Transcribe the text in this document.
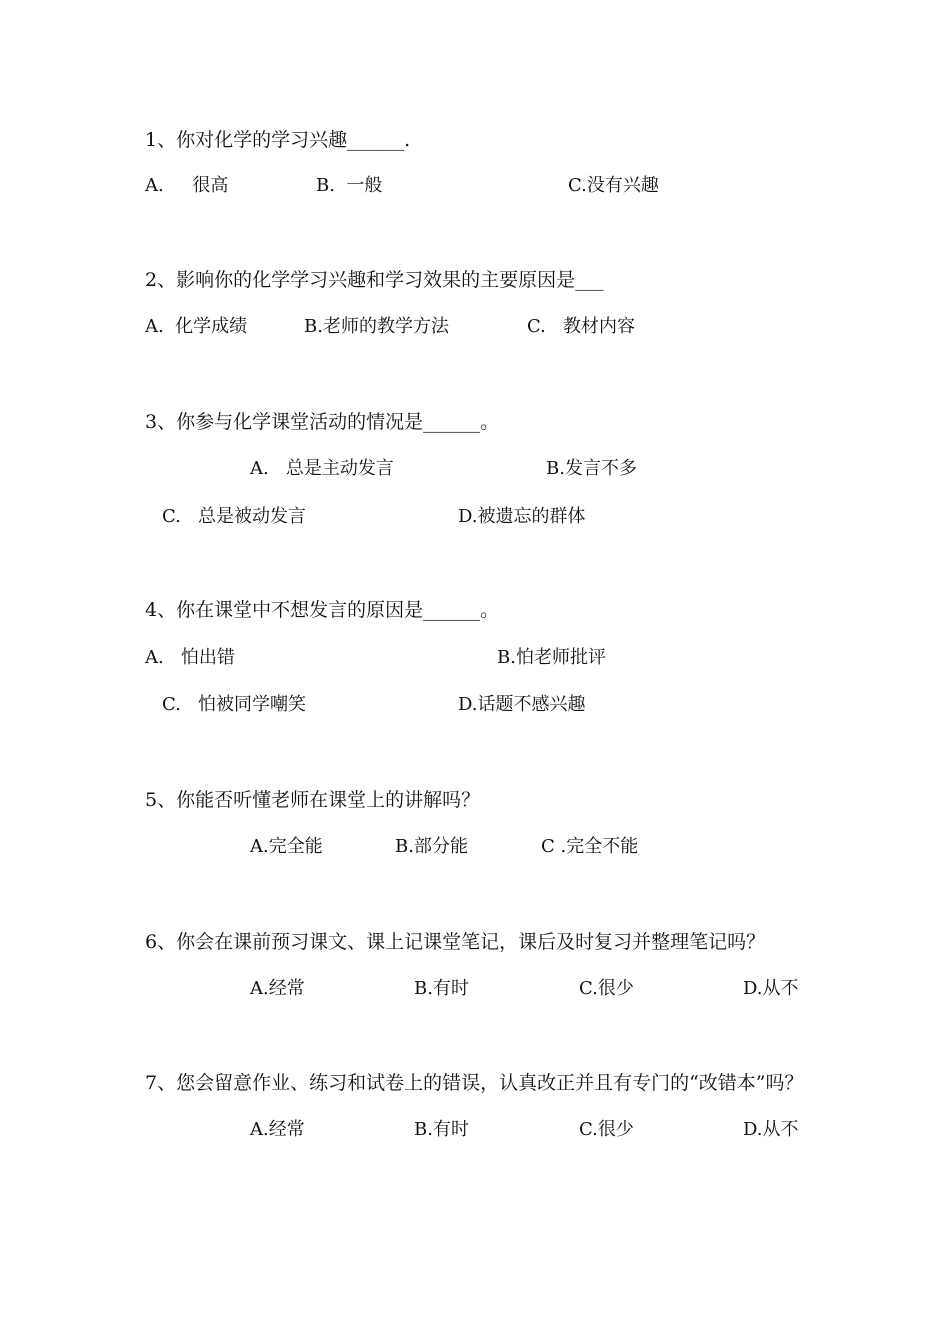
1、你对化学的学习兴趣______.
A.     很高	B.  一般	C.没有兴趣
2、影响你的化学学习兴趣和学习效果的主要原因是___
A.  化学成绩	B.老师的教学方法	C.   教材内容
3、你参与化学课堂活动的情况是______。
A.   总是主动发言	B.发言不多
C.   总是被动发言	D.被遗忘的群体
4、你在课堂中不想发言的原因是______。
A.   怕出错	B.怕老师批评
C.   怕被同学嘲笑	D.话题不感兴趣
5、你能否听懂老师在课堂上的讲解吗？
A.完全能	B.部分能	C .完全不能
6、你会在课前预习课文、课上记课堂笔记，课后及时复习并整理笔记吗？
A.经常	B.有时	C.很少	D.从不
7、您会留意作业、练习和试卷上的错误，认真改正并且有专门的“改错本”吗？
A.经常	B.有时	C.很少	D.从不
